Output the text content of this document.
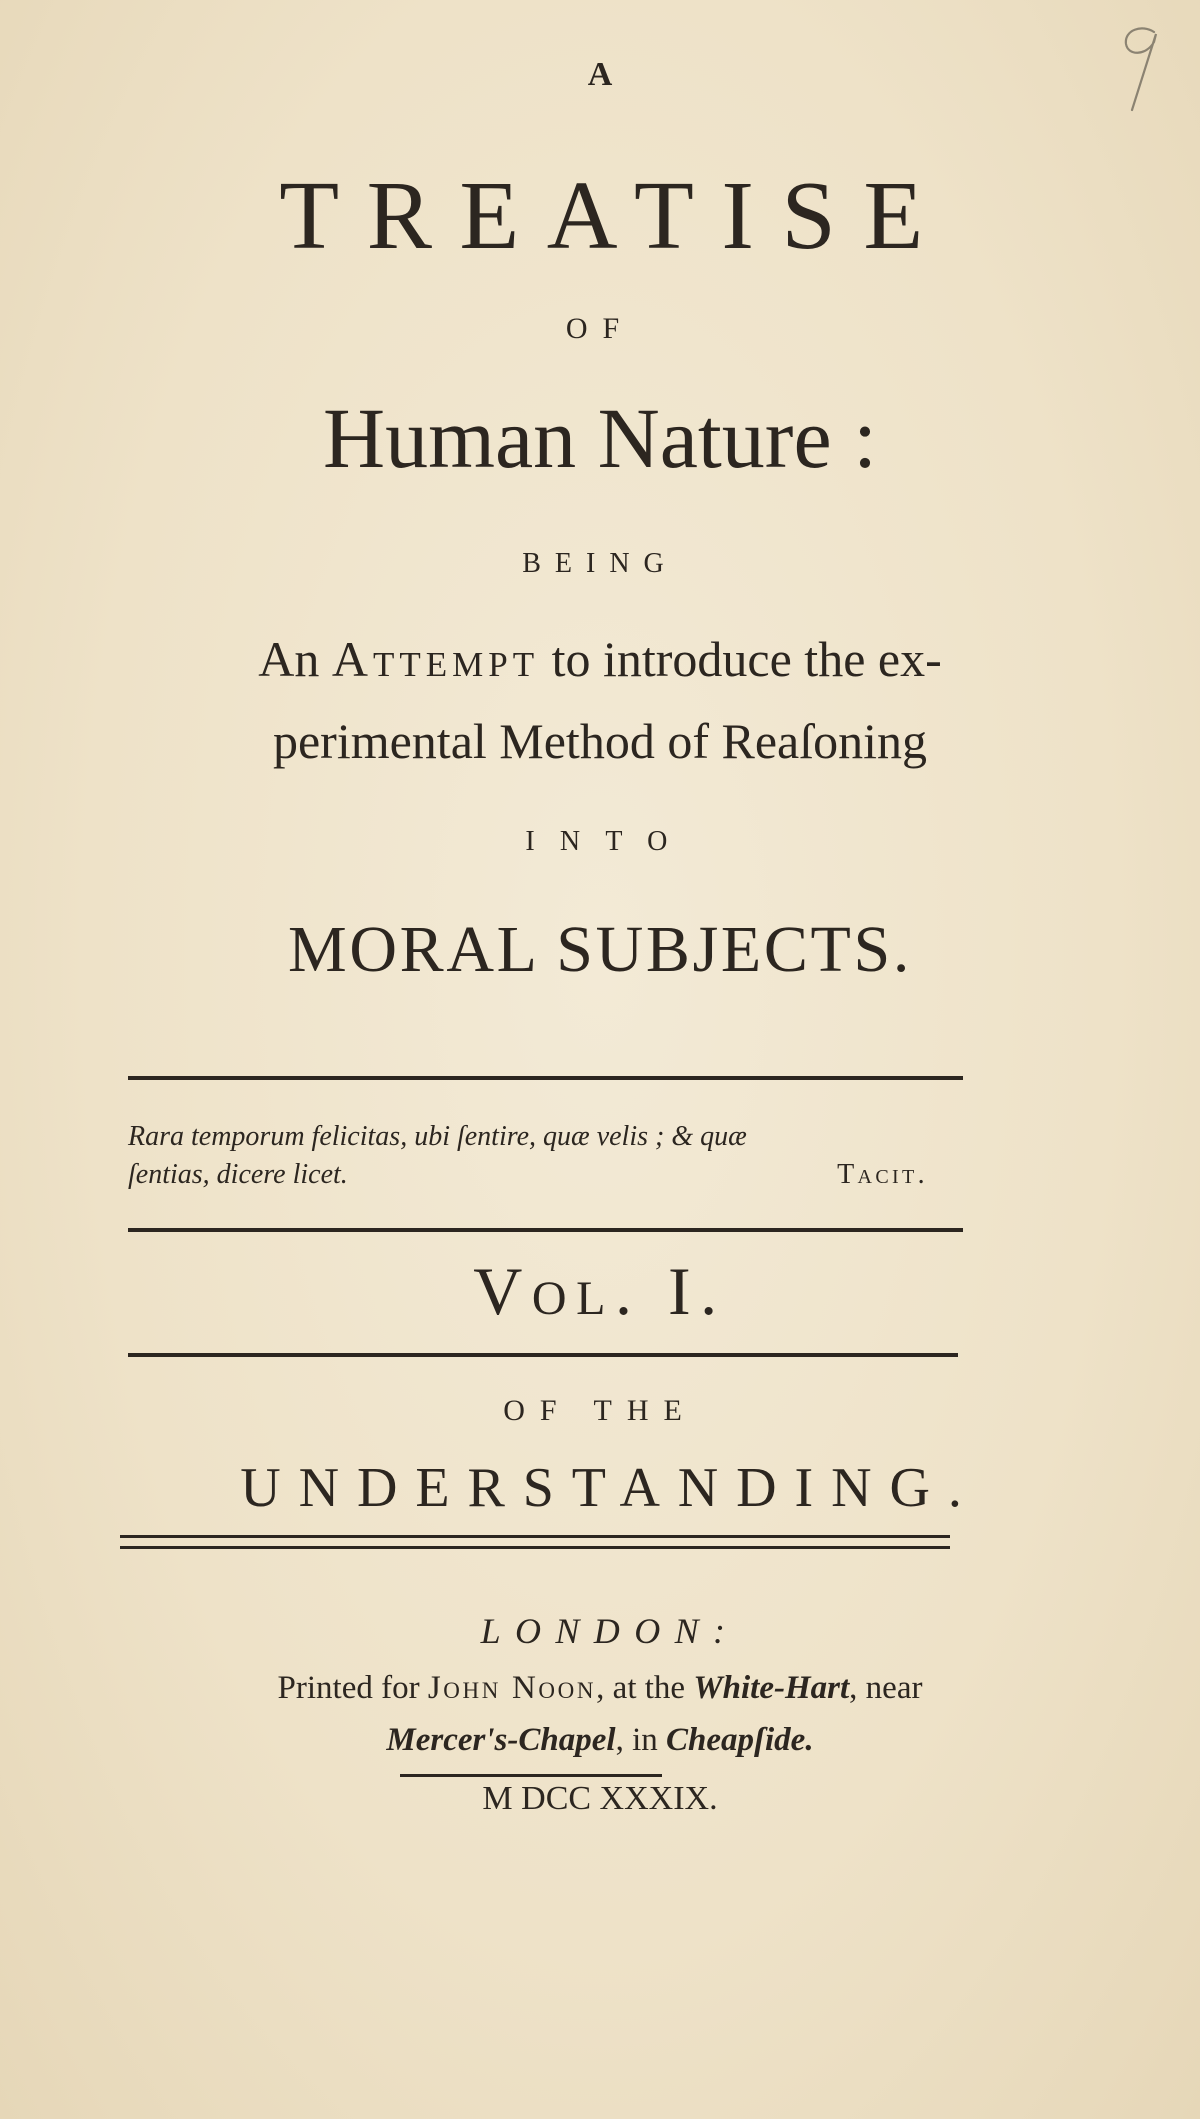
A
TREATISE
OF
Human Nature :
BEING
An Attempt to introduce the ex-
perimental Method of Reaſoning
INTO
MORAL SUBJECTS.
Rara temporum felicitas, ubi ſentire, quæ velis ; & quæ
ſentias, dicere licet.	Tacit.
Vol. I.
OF THE
UNDERSTANDING.
LONDON:
Printed for John Noon, at the White-Hart, near
Mercer's-Chapel, in Cheapſide.
M DCC XXXIX.
